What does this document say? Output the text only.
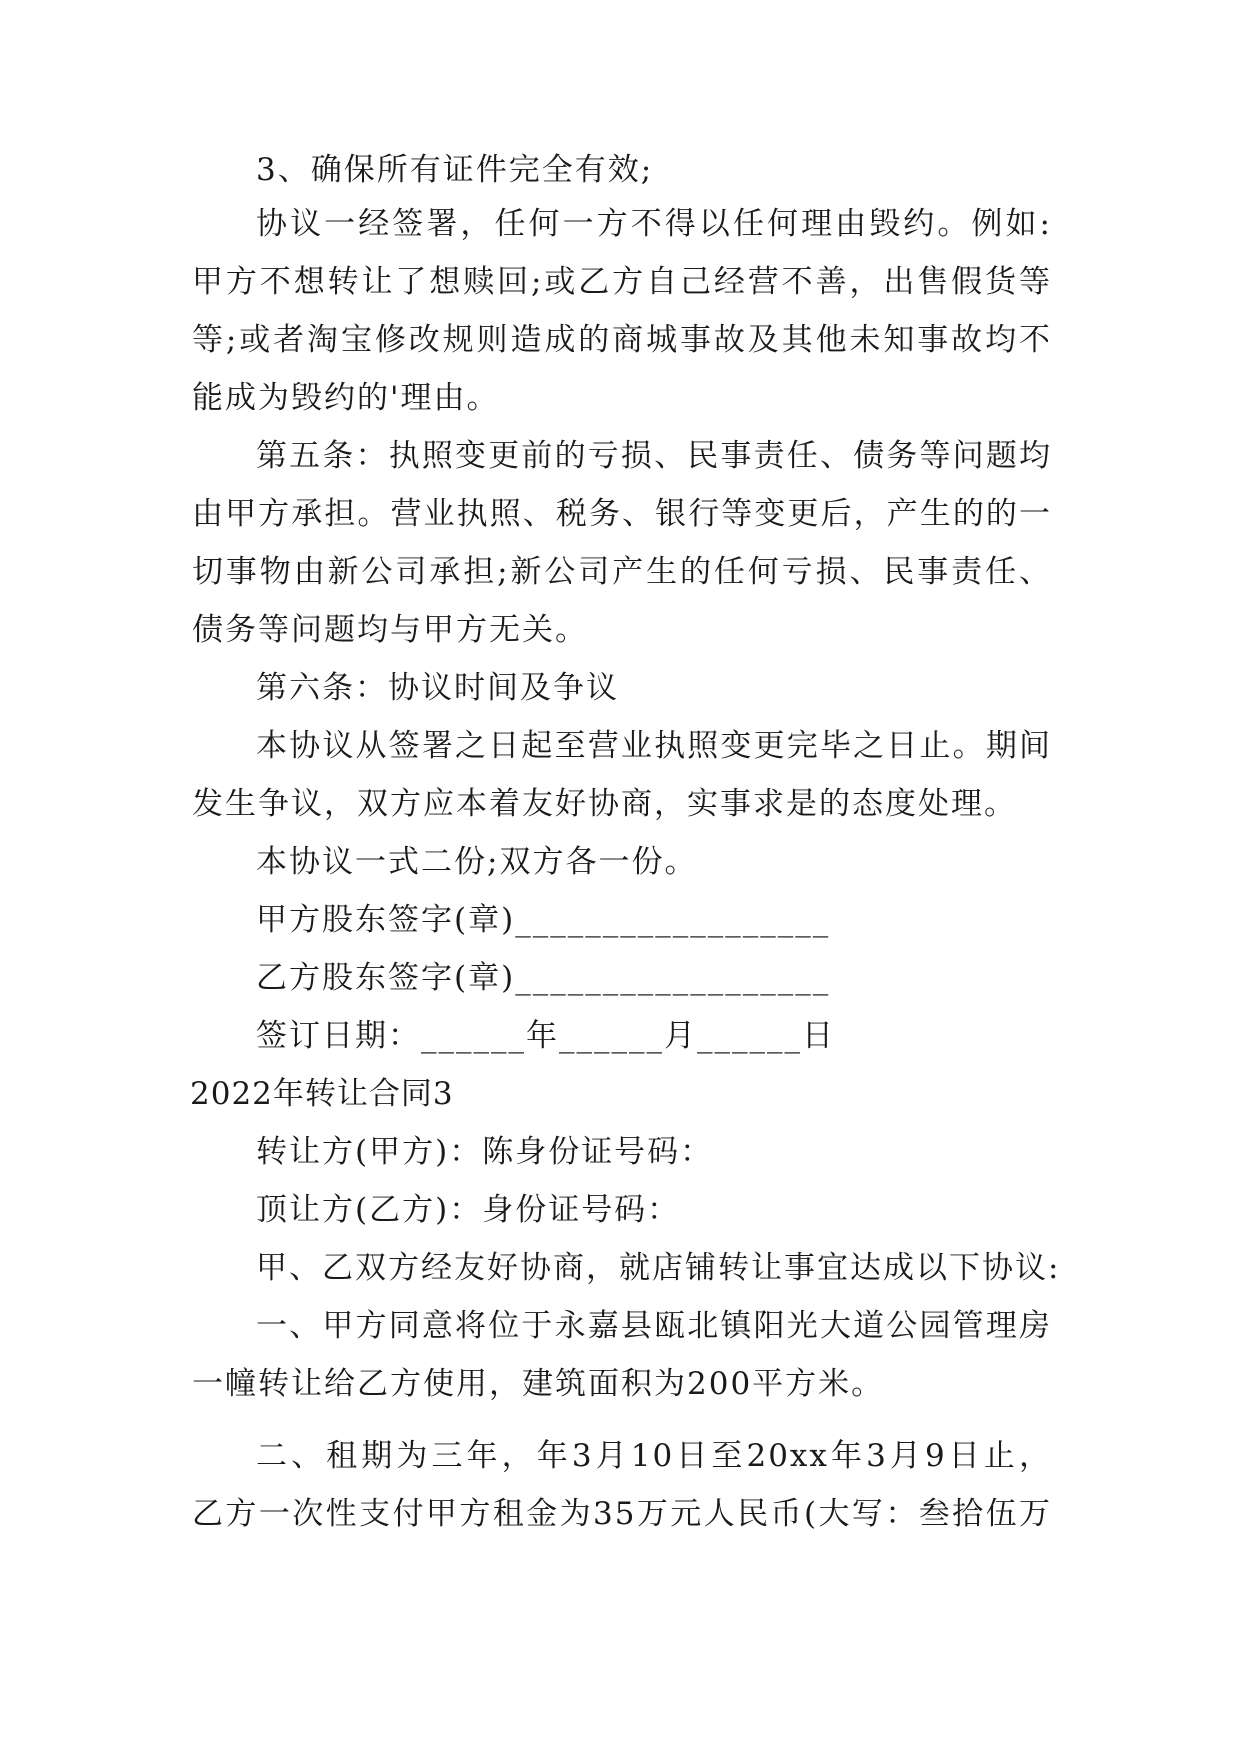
3、确保所有证件完全有效;
协议一经签署，任何一方不得以任何理由毁约。例如:
甲方不想转让了想赎回;或乙方自己经营不善，出售假货等
等;或者淘宝修改规则造成的商城事故及其他未知事故均不
能成为毁约的'理由。
第五条：执照变更前的亏损、民事责任、债务等问题均
由甲方承担。营业执照、税务、银行等变更后，产生的的一
切事物由新公司承担;新公司产生的任何亏损、民事责任、
债务等问题均与甲方无关。
第六条：协议时间及争议
本协议从签署之日起至营业执照变更完毕之日止。期间
发生争议，双方应本着友好协商，实事求是的态度处理。
本协议一式二份;双方各一份。
甲方股东签字(章)__________________
乙方股东签字(章)__________________
签订日期：______年______月______日
2022年转让合同3
转让方(甲方)：陈身份证号码：
顶让方(乙方)：身份证号码：
甲、乙双方经友好协商，就店铺转让事宜达成以下协议:
一、甲方同意将位于永嘉县瓯北镇阳光大道公园管理房
一幢转让给乙方使用，建筑面积为200平方米。
二、租期为三年，年3月10日至20xx年3月9日止，
乙方一次性支付甲方租金为35万元人民币(大写：叁拾伍万
